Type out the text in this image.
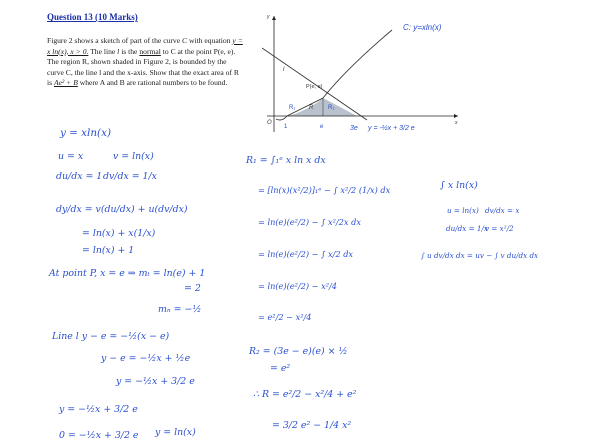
Question 13 (10 Marks)

Figure 2 shows a sketch of part of the curve C with equation y = x ln(x), x > 0. The line l is the normal to C at the point P(e, e). The region R, shown shaded in Figure 2, is bounded by the curve C, the line l and the x-axis. Show that the exact area of R is Ae² + B where A and B are rational numbers to be found.

C: y=xln(x)
l
P(e, e)
R₁ R R₂
y
x
O
1	e	3e y = -½x + 3/2 e
y = xln(x)
u = x	v = ln(x)
du/dx = 1 dv/dx = 1/x
dy/dx = v(du/dx) + u(dv/dx)
= ln(x) + x(1/x)
= ln(x) + 1
At point P, x = e ⇒ mₜ = ln(e) + 1
= 2
mₙ = −½
Line l y − e = −½(x − e)
y − e = −½x + ½e
y = −½x + 3/2 e
y = −½x + 3/2 e
0 = −½x + 3/2 e y = ln(x)
R₁ = ∫₁ᵉ x ln x dx
= [ln(x)(x²/2)]₁ᵉ − ∫ x²/2 (1/x) dx
= ln(e)(e²/2) − ∫ x²/2x dx
= ln(e)(e²/2) − ∫ x/2 dx
= ln(e)(e²/2) − x²/4
= e²/2 − x²/4
R₂ = (3e − e)(e) × ½
= e²
∴ R = e²/2 − x²/4 + e²
= 3/2 e² − 1/4 x²
∫ x ln(x)
u = ln(x) dv/dx = x
du/dx = 1/x
v = x²/2
∫ u dv/dx dx = uv − ∫ v du/dx dx
